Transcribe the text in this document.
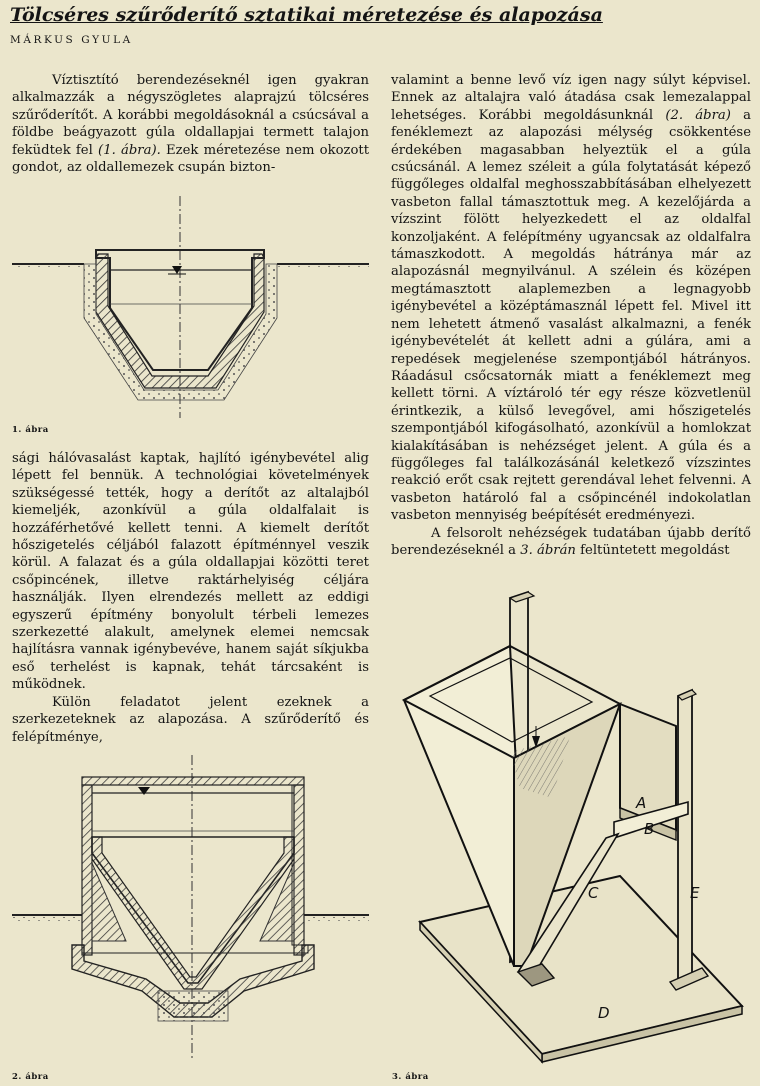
Tölcséres szűrőderítő sztatikai méretezése és alapozása
MÁRKUS GYULA

Víztisztító berendezéseknél igen gyakran alkalmazzák a négyszögletes alaprajzú tölcséres szűrőderítőt. A korábbi megoldásoknál a csúcsával a földbe beágyazott gúla oldallapjai termett talajon feküdtek fel (1. ábra). Ezek méretezése nem okozott gondot, az oldallemezek csupán bizton-

1. ábra

sági hálóvasalást kaptak, hajlító igénybevétel alig lépett fel bennük. A technológiai követelmények szükségessé tették, hogy a derítőt az altalajból kiemeljék, azonkívül a gúla oldalfalait is hozzáférhetővé kellett tenni. A kiemelt derítőt hőszigetelés céljából falazott építménnyel veszik körül. A falazat és a gúla oldallapjai közötti teret csőpincének, illetve raktárhelyiség céljára használják. Ilyen elrendezés mellett az eddigi egyszerű építmény bonyolult térbeli lemezes szerkezetté alakult, amelynek elemei nemcsak hajlításra vannak igénybevéve, hanem saját síkjukba eső terhelést is kapnak, tehát tárcsaként is működnek.

Külön feladatot jelent ezeknek a szerkezeteknek az alapozása. A szűrőderítő és felépítménye,

2. ábra

valamint a benne levő víz igen nagy súlyt képvisel. Ennek az altalajra való átadása csak lemezalappal lehetséges. Korábbi megoldásunknál (2. ábra) a fenéklemezt az alapozási mélység csökkentése érdekében magasabban helyeztük el a gúla csúcsánál. A lemez széleit a gúla folytatását képező függőleges oldalfal meghosszabbításában elhelyezett vasbeton fallal támasztottuk meg. A kezelőjárda a vízszint fölött helyezkedett el az oldalfal konzoljaként. A felépítmény ugyancsak az oldalfalra támaszkodott. A megoldás hátránya már az alapozásnál megnyilvánul. A szélein és középen megtámasztott alaplemezben a legnagyobb igénybevétel a középtámasznál lépett fel. Mivel itt nem lehetett átmenő vasalást alkalmazni, a fenék igénybevételét át kellett adni a gúlára, ami a repedések megjelenése szempontjából hátrányos. Ráadásul csőcsatornák miatt a fenéklemezt meg kellett törni. A víztároló tér egy része közvetlenül érintkezik, a külső levegővel, ami hőszigetelés szempontjából kifogásolható, azonkívül a homlokzat kialakításában is nehézséget jelent. A gúla és a függőleges fal találkozásánál keletkező vízszintes reakció erőt csak rejtett gerendával lehet felvenni. A vasbeton határoló fal a csőpincénél indokolatlan vasbeton mennyiség beépítését eredményezi.

A felsorolt nehézségek tudatában újabb derítő berendezéseknél a 3. ábrán feltüntetett megoldást

A
B
C
D
E
3. ábra
